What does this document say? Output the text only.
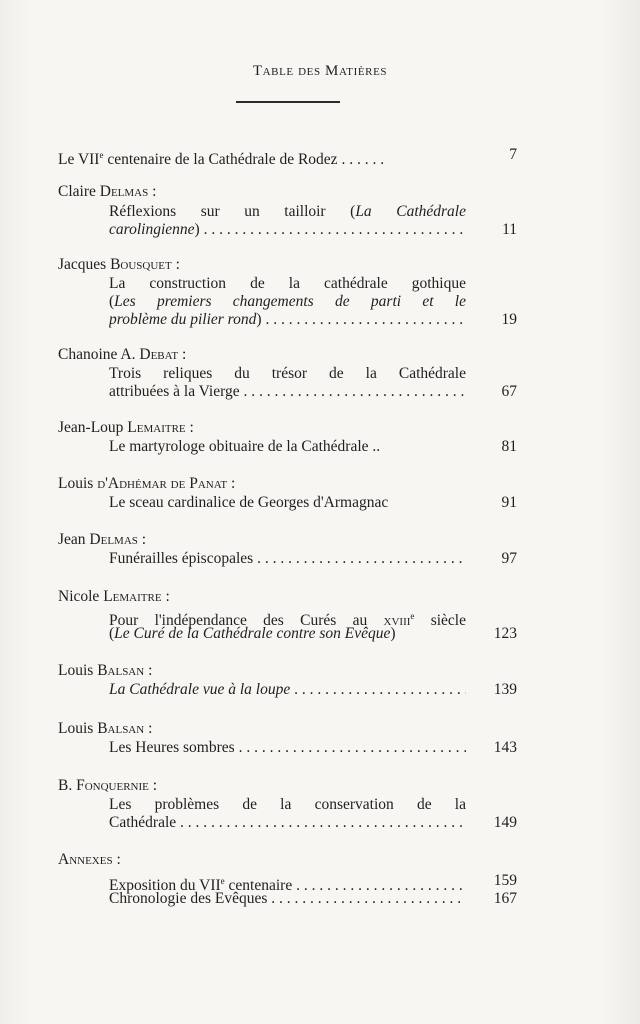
Table des Matières
Le VIIe centenaire de la Cathédrale de Rodez . . . . . .	7
Claire Delmas :
Réflexions sur un tailloir (La Cathédrale
carolingienne) . . .	11
Jacques Bousquet :
La construction de la cathédrale gothique
(Les premiers changements de parti et le
problème du pilier rond) . . .	19
Chanoine A. Debat :
Trois reliques du trésor de la Cathédrale
attribuées à la Vierge . . .	67
Jean-Loup Lemaitre :
Le martyrologe obituaire de la Cathédrale ..	81
Louis d'Adhémar de Panat :
Le sceau cardinalice de Georges d'Armagnac	91
Jean Delmas :
Funérailles épiscopales . . .	97
Nicole Lemaitre :
Pour l'indépendance des Curés au xviii$^e$ siècle
(Le Curé de la Cathédrale contre son Evêque)	123
Louis Balsan :
La Cathédrale vue à la loupe . . .	139
Louis Balsan :
Les Heures sombres . . .	143
B. Fonquernie :
Les problèmes de la conservation de la
Cathédrale . . .	149
Annexes :
Exposition du VIIe centenaire . . .	159
Chronologie des Evêques . . .	167
